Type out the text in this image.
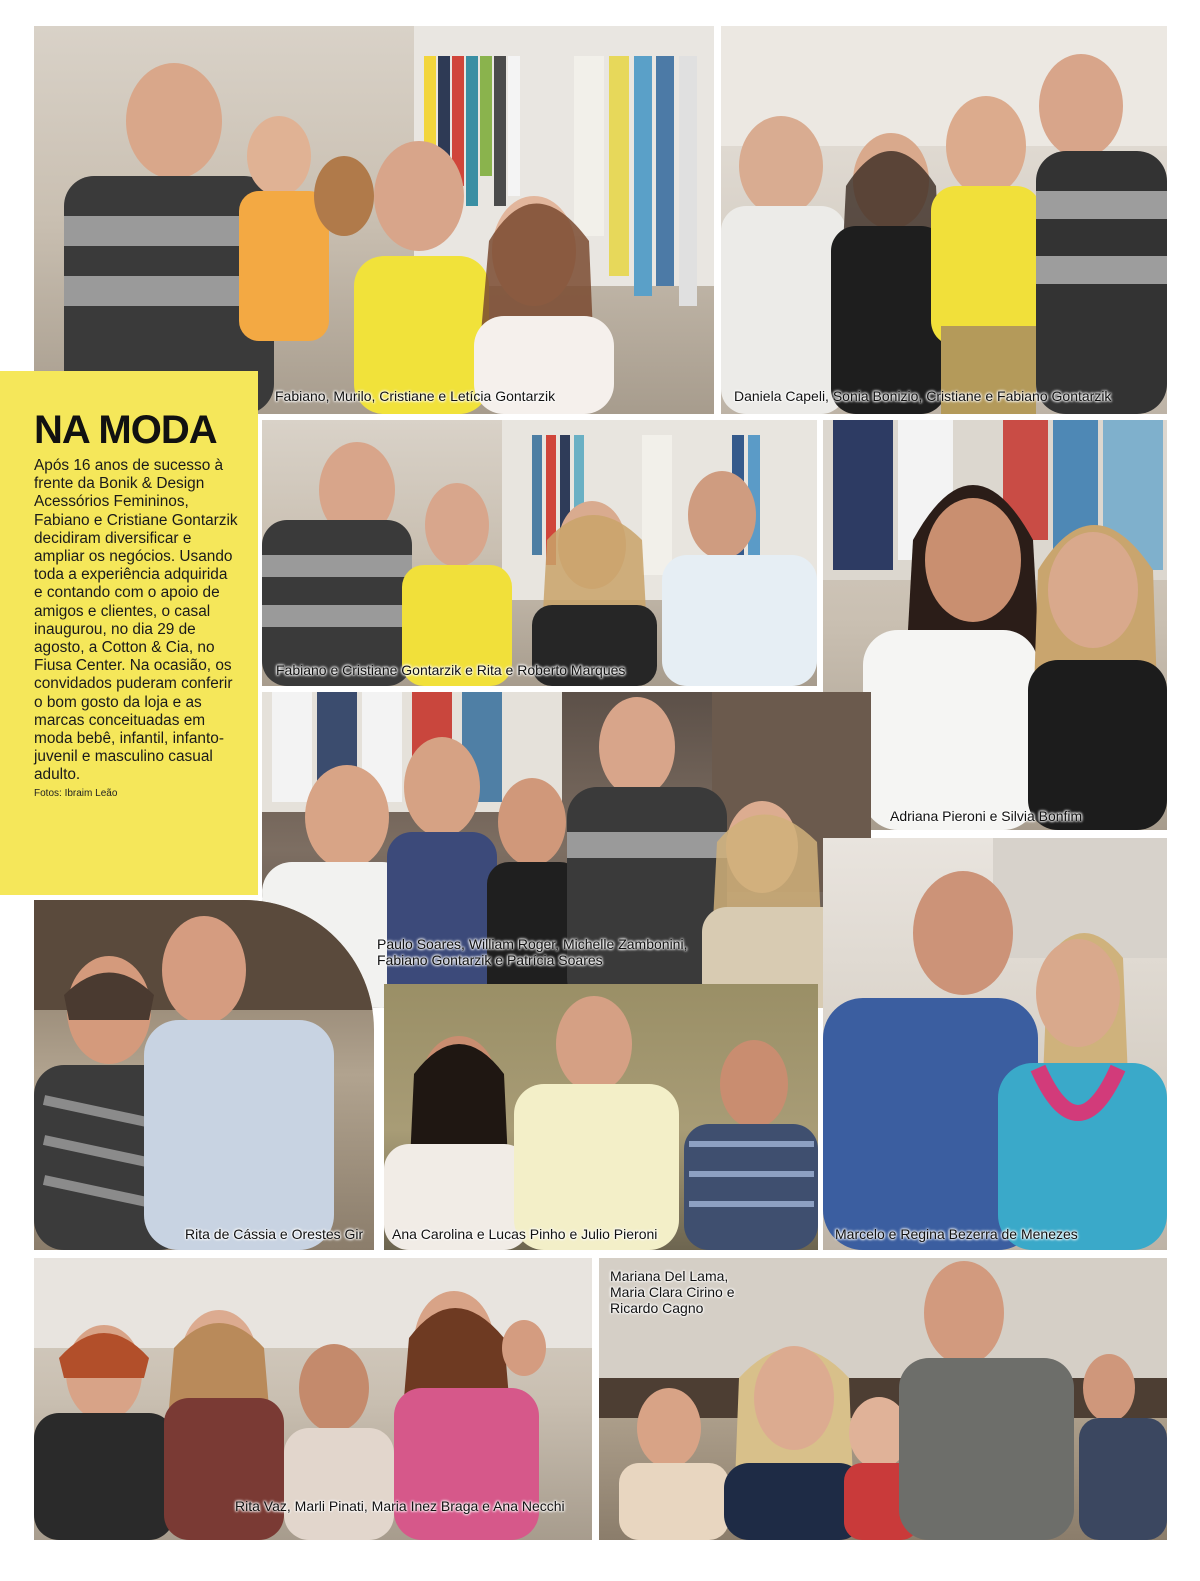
Fabiano, Murilo, Cristiane e Letícia Gontarzik	Daniela Capeli, Sonia Bonizio, Cristiane e Fabiano Gontarzik
NA MODA

Após 16 anos de sucesso à frente da Bonik & Design Acessórios Femininos, Fabiano e Cristiane Gontarzik decidiram diversificar e ampliar os negócios. Usando toda a experiência adquirida e contando com o apoio de amigos e clientes, o casal inaugurou, no dia 29 de agosto, a Cotton & Cia, no Fiusa Center. Na ocasião, os convidados puderam conferir o bom gosto da loja e as marcas conceituadas em moda bebê, infantil, infanto-juvenil e masculino casual adulto.

Fotos: Ibraim Leão
Fabiano e Cristiane Gontarzik e Rita e Roberto Marques
Adriana Pieroni e Silvia Bonfim
Paulo Soares, William Roger, Michelle Zambonini,
Fabiano Gontarzik e Patrícia Soares
Rita de Cássia e Orestes Gir Ana Carolina e Lucas Pinho e Julio Pieroni	Marcelo e Regina Bezerra de Menezes
Rita Vaz, Marli Pinati, Maria Inez Braga e Ana Necchi
Mariana Del Lama,
Maria Clara Cirino e
Ricardo Cagno
